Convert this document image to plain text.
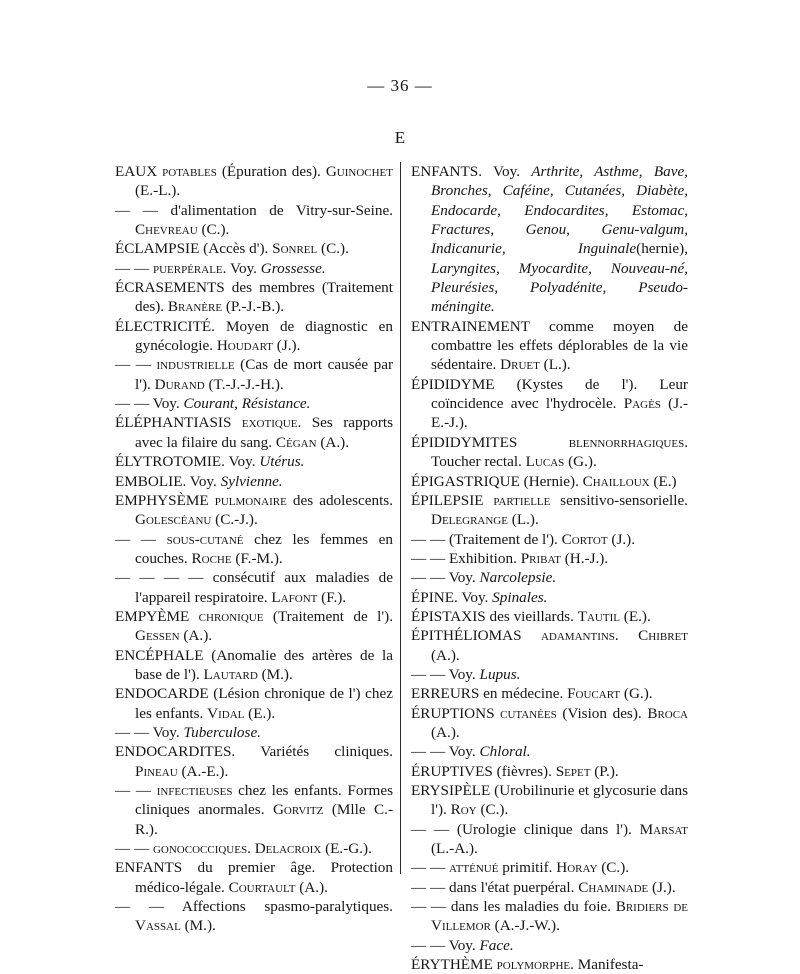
— 36 —
E

EAUX potables (Épuration des). Guinochet (E.-L.).

— — d'alimentation de Vitry-sur-Seine. Chevreau (C.).

ÉCLAMPSIE (Accès d'). Sonrel (C.).

— — puerpérale. Voy. Grossesse.

ÉCRASEMENTS des membres (Traitement des). Branère (P.-J.-B.).

ÉLECTRICITÉ. Moyen de diagnostic en gynécologie. Houdart (J.).

— — industrielle (Cas de mort causée par l'). Durand (T.-J.-J.-H.).

— — Voy. Courant, Résistance.

ÉLÉPHANTIASIS exotique. Ses rapports avec la filaire du sang. Cégan (A.).

ÉLYTROTOMIE. Voy. Utérus.

EMBOLIE. Voy. Sylvienne.

EMPHYSÈME pulmonaire des adolescents. Golescéanu (C.-J.).

— — sous-cutané chez les femmes en couches. Roche (F.-M.).

— — — — consécutif aux maladies de l'appareil respiratoire. Lafont (F.).

EMPYÈME chronique (Traitement de l'). Gessen (A.).

ENCÉPHALE (Anomalie des artères de la base de l'). Lautard (M.).

ENDOCARDE (Lésion chronique de l') chez les enfants. Vidal (E.).

— — Voy. Tuberculose.

ENDOCARDITES. Variétés cliniques. Pineau (A.-E.).

— — infectieuses chez les enfants. Formes cliniques anormales. Gorvitz (Mlle C.-R.).

— — gonococciques. Delacroix (E.-G.).

ENFANTS du premier âge. Protection médico-légale. Courtault (A.).

— — Affections spasmo-paralytiques. Vassal (M.).

ENFANTS. Voy. Arthrite, Asthme, Bave, Bronches, Caféine, Cutanées, Diabète, Endocarde, Endocardites, Estomac, Fractures, Genou, Genu-valgum, Indicanurie, Inguinale(hernie), Laryngites, Myocardite, Nouveau-né, Pleurésies, Polyadénite, Pseudo-méningite.

ENTRAINEMENT comme moyen de combattre les effets déplorables de la vie sédentaire. Druet (L.).

ÉPIDIDYME (Kystes de l'). Leur coïncidence avec l'hydrocèle. Pagès (J.-E.-J.).

ÉPIDIDYMITES blennorrhagiques. Toucher rectal. Lucas (G.).

ÉPIGASTRIQUE (Hernie). Chailloux (E.)

ÉPILEPSIE partielle sensitivo-sensorielle. Delegrange (L.).

— — (Traitement de l'). Cortot (J.).

— — Exhibition. Pribat (H.-J.).

— — Voy. Narcolepsie.

ÉPINE. Voy. Spinales.

ÉPISTAXIS des vieillards. Tautil (E.).

ÉPITHÉLIOMAS adamantins. Chibret (A.).

— — Voy. Lupus.

ERREURS en médecine. Foucart (G.).

ÉRUPTIONS cutanées (Vision des). Broca (A.).

— — Voy. Chloral.

ÉRUPTIVES (fièvres). Sepet (P.).

ERYSIPÈLE (Urobilinurie et glycosurie dans l'). Roy (C.).

— — (Urologie clinique dans l'). Marsat (L.-A.).

— — atténué primitif. Horay (C.).

— — dans l'état puerpéral. Chaminade (J.).

— — dans les maladies du foie. Bridiers de Villemor (A.-J.-W.).

— — Voy. Face.

ÉRYTHÈME polymorphe. Manifesta-
